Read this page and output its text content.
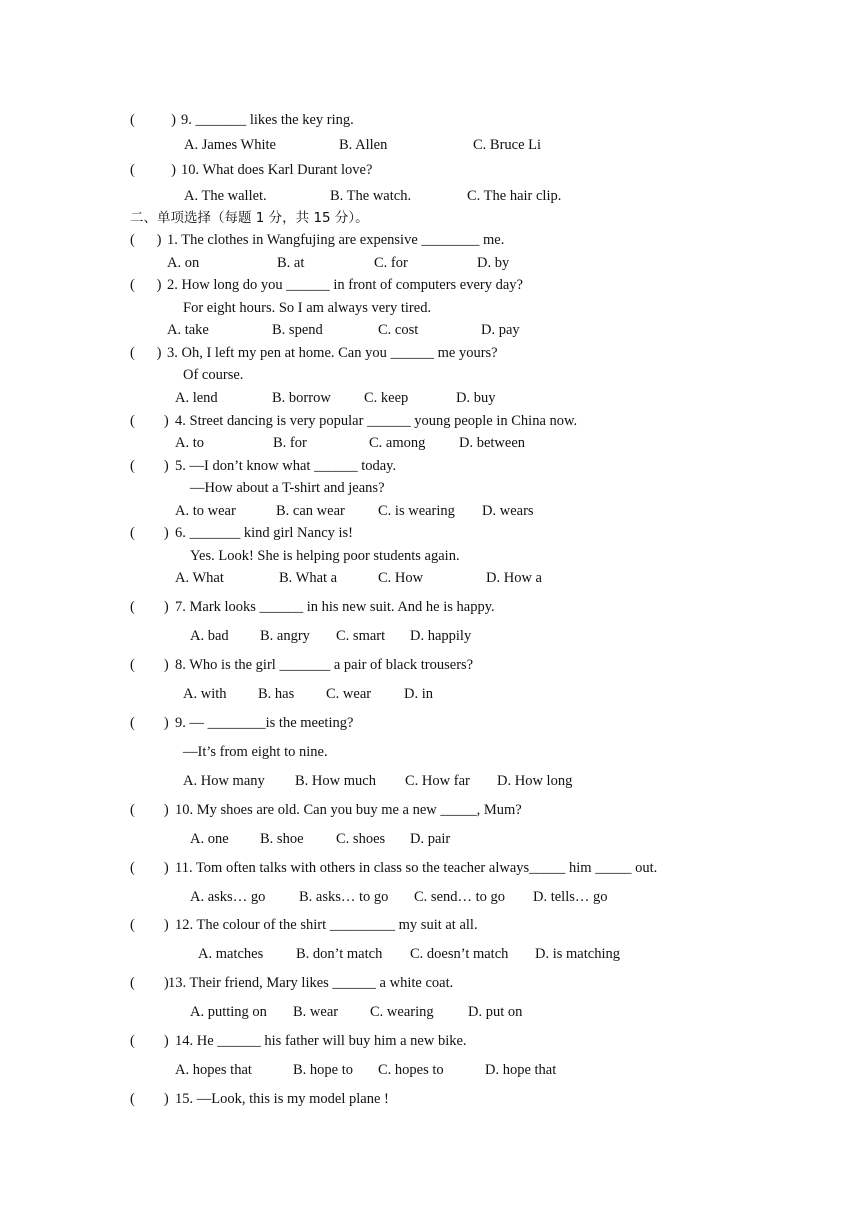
(          ) 9. _______ likes the key ring.
A. James White	B. Allen	C. Bruce Li
(          ) 10. What does Karl Durant love?
A. The wallet.	B. The watch.	C. The hair clip.
二、单项选择（每题 1 分，共 15 分）。
(      ) 1. The clothes in Wangfujing are expensive ________ me.
A. on	B. at	C. for	D. by
(      ) 2. How long do you ______ in front of computers every day?
For eight hours. So I am always very tired.
A. take	B. spend	C. cost	D. pay
(      ) 3. Oh, I left my pen at home. Can you ______ me yours?
Of course.
A. lend	B. borrow C. keep	D. buy
(        ) 4. Street dancing is very popular ______ young people in China now.
A. to	B. for	C. among D. between
(        ) 5. —I don’t know what ______ today.
—How about a T-shirt and jeans?
A. to wear	B. can wear C. is wearing D. wears
(        ) 6. _______ kind girl Nancy is!
Yes. Look! She is helping poor students again.
A. What	B. What a	C. How	D. How a
(        ) 7. Mark looks ______ in his new suit. And he is happy.
A. bad B. angry C. smart D. happily
(        ) 8. Who is the girl _______ a pair of black trousers?
A. with B. has C. wear D. in
(        ) 9. — ________is the meeting?
—It’s from eight to nine.
A. How many B. How much C. How far D. How long
(        ) 10. My shoes are old. Can you buy me a new _____, Mum?
A. one B. shoe C. shoes D. pair
(        ) 11. Tom often talks with others in class so the teacher always_____ him _____ out.
A. asks… go B. asks… to go C. send… to go D. tells… go
(        ) 12. The colour of the shirt _________ my suit at all.
A. matches B. don’t match C. doesn’t match D. is matching
(        ) 13. Their friend, Mary likes ______ a white coat.
A. putting on B. wear C. wearing D. put on
(        ) 14. He ______ his father will buy him a new bike.
A. hopes that	B. hope to C. hopes to	D. hope that
(        ) 15. —Look, this is my model plane !
